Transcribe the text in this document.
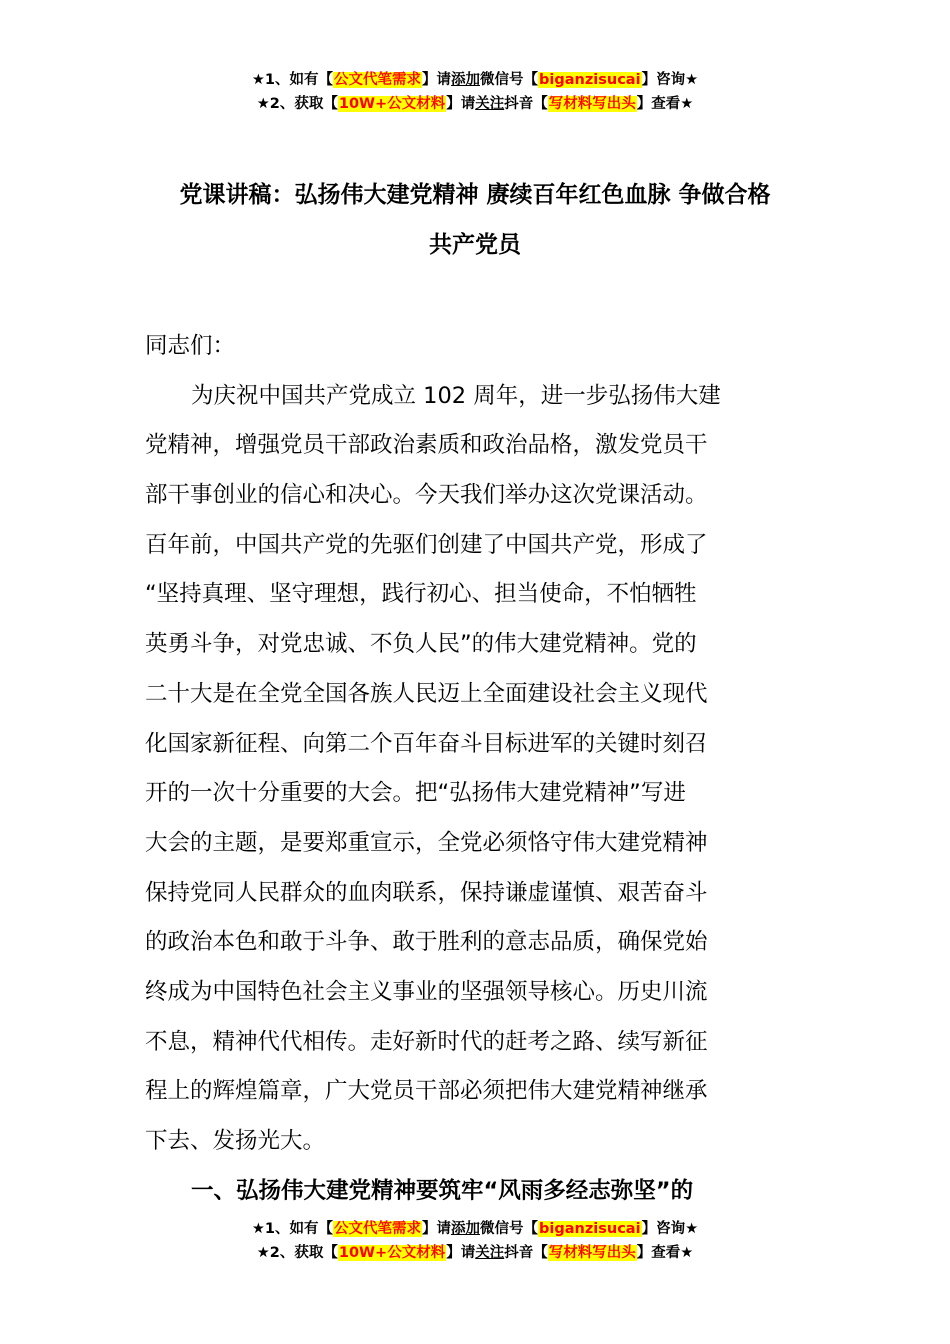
★1、如有【公文代笔需求】请添加微信号【biganzisucai】咨询★
★2、获取【10W+公文材料】请关注抖音【写材料写出头】查看★
党课讲稿：弘扬伟大建党精神 赓续百年红色血脉 争做合格
共产党员
同志们：
为庆祝中国共产党成立 102 周年，进一步弘扬伟大建
党精神，增强党员干部政治素质和政治品格，激发党员干
部干事创业的信心和决心。今天我们举办这次党课活动。
百年前，中国共产党的先驱们创建了中国共产党，形成了
“坚持真理、坚守理想，践行初心、担当使命，不怕牺牲
英勇斗争，对党忠诚、不负人民”的伟大建党精神。党的
二十大是在全党全国各族人民迈上全面建设社会主义现代
化国家新征程、向第二个百年奋斗目标进军的关键时刻召
开的一次十分重要的大会。把“弘扬伟大建党精神”写进
大会的主题，是要郑重宣示，全党必须恪守伟大建党精神
保持党同人民群众的血肉联系，保持谦虚谨慎、艰苦奋斗
的政治本色和敢于斗争、敢于胜利的意志品质，确保党始
终成为中国特色社会主义事业的坚强领导核心。历史川流
不息，精神代代相传。走好新时代的赶考之路、续写新征
程上的辉煌篇章，广大党员干部必须把伟大建党精神继承
下去、发扬光大。
一、弘扬伟大建党精神要筑牢“风雨多经志弥坚”的
★1、如有【公文代笔需求】请添加微信号【biganzisucai】咨询★
★2、获取【10W+公文材料】请关注抖音【写材料写出头】查看★
